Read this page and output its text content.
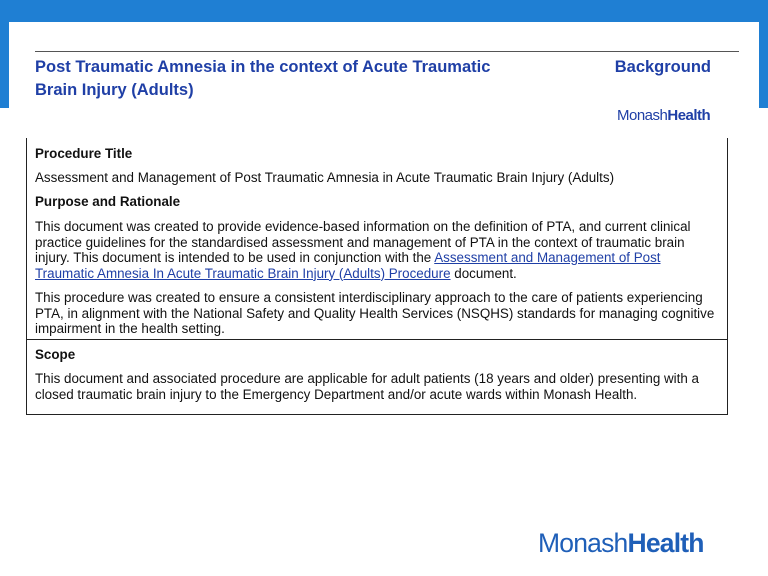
Post Traumatic Amnesia in the context of Acute Traumatic Brain Injury (Adults)
Background
MonashHealth

Procedure Title

Assessment and Management of Post Traumatic Amnesia in Acute Traumatic Brain Injury (Adults)

Purpose and Rationale

This document was created to provide evidence-based information on the definition of PTA, and current clinical practice guidelines for the standardised assessment and management of PTA in the context of traumatic brain injury. This document is intended to be used in conjunction with the Assessment and Management of Post Traumatic Amnesia In Acute Traumatic Brain Injury (Adults) Procedure document.

This procedure was created to ensure a consistent interdisciplinary approach to the care of patients experiencing PTA, in alignment with the National Safety and Quality Health Services (NSQHS) standards for managing cognitive impairment in the health setting.

Scope

This document and associated procedure are applicable for adult patients (18 years and older) presenting with a closed traumatic brain injury to the Emergency Department and/or acute wards within Monash Health.

MonashHealth
